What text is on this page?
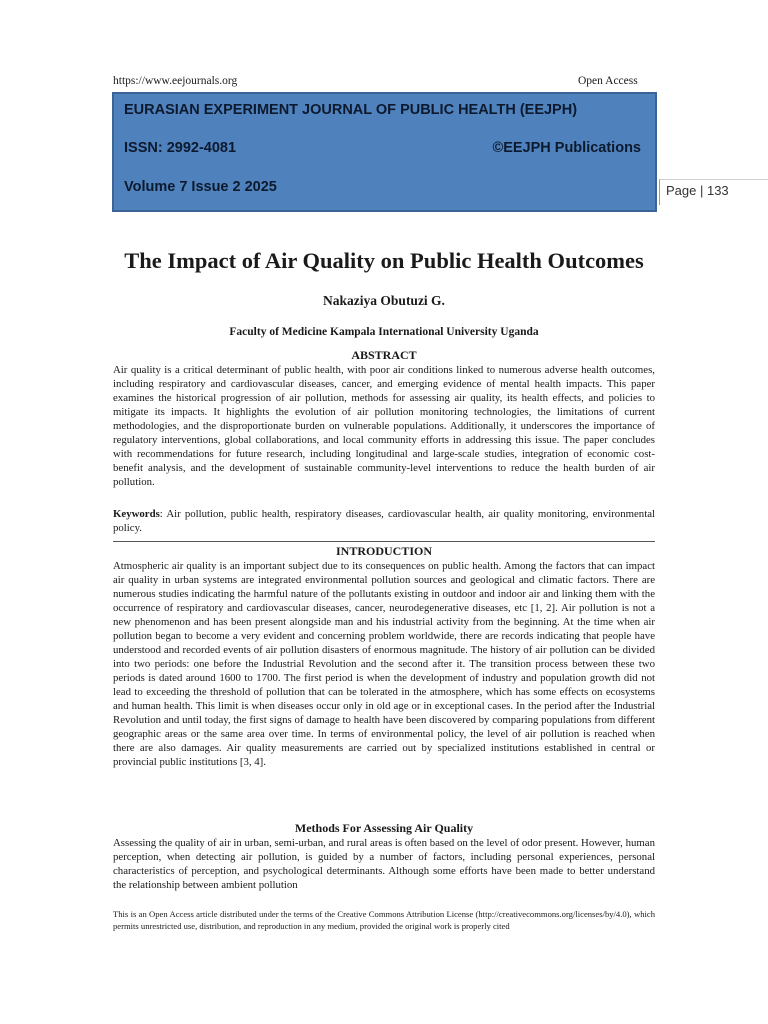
https://www.eejournals.org	Open Access
EURASIAN EXPERIMENT JOURNAL OF PUBLIC HEALTH (EEJPH)
ISSN: 2992-4081	©EEJPH Publications
Volume 7 Issue 2 2025	Page | 133
The Impact of Air Quality on Public Health Outcomes
Nakaziya Obutuzi G.
Faculty of Medicine Kampala International University Uganda
ABSTRACT

Air quality is a critical determinant of public health, with poor air conditions linked to numerous adverse health outcomes, including respiratory and cardiovascular diseases, cancer, and emerging evidence of mental health impacts. This paper examines the historical progression of air pollution, methods for assessing air quality, its health effects, and policies to mitigate its impacts. It highlights the evolution of air pollution monitoring technologies, the limitations of current methodologies, and the disproportionate burden on vulnerable populations. Additionally, it underscores the importance of regulatory interventions, global collaborations, and local community efforts in addressing this issue. The paper concludes with recommendations for future research, including longitudinal and large-scale studies, integration of economic cost-benefit analysis, and the development of sustainable community-level interventions to reduce the health burden of air pollution.

Keywords: Air pollution, public health, respiratory diseases, cardiovascular health, air quality monitoring, environmental policy.

INTRODUCTION

Atmospheric air quality is an important subject due to its consequences on public health. Among the factors that can impact air quality in urban systems are integrated environmental pollution sources and geological and climatic factors. There are numerous studies indicating the harmful nature of the pollutants existing in outdoor and indoor air and linking them with the occurrence of respiratory and cardiovascular diseases, cancer, neurodegenerative diseases, etc [1, 2]. Air pollution is not a new phenomenon and has been present alongside man and his industrial activity from the beginning. At the time when air pollution began to become a very evident and concerning problem worldwide, there are records indicating that people have understood and recorded events of air pollution disasters of enormous magnitude. The history of air pollution can be divided into two periods: one before the Industrial Revolution and the second after it. The transition process between these two periods is dated around 1600 to 1700. The first period is when the development of industry and population growth did not lead to exceeding the threshold of pollution that can be tolerated in the atmosphere, which has some effects on ecosystems and human health. This limit is when diseases occur only in old age or in exceptional cases. In the period after the Industrial Revolution and until today, the first signs of damage to health have been discovered by comparing populations from different geographic areas or the same area over time. In terms of environmental policy, the level of air pollution is reached when there are also damages. Air quality measurements are carried out by specialized institutions established in central or provincial public institutions [3, 4].

Methods For Assessing Air Quality

Assessing the quality of air in urban, semi-urban, and rural areas is often based on the level of odor present. However, human perception, when detecting air pollution, is guided by a number of factors, including personal experiences, personal characteristics of perception, and psychological determinants. Although some efforts have been made to better understand the relationship between ambient pollution

This is an Open Access article distributed under the terms of the Creative Commons Attribution License (http://creativecommons.org/licenses/by/4.0), which permits unrestricted use, distribution, and reproduction in any medium, provided the original work is properly cited
